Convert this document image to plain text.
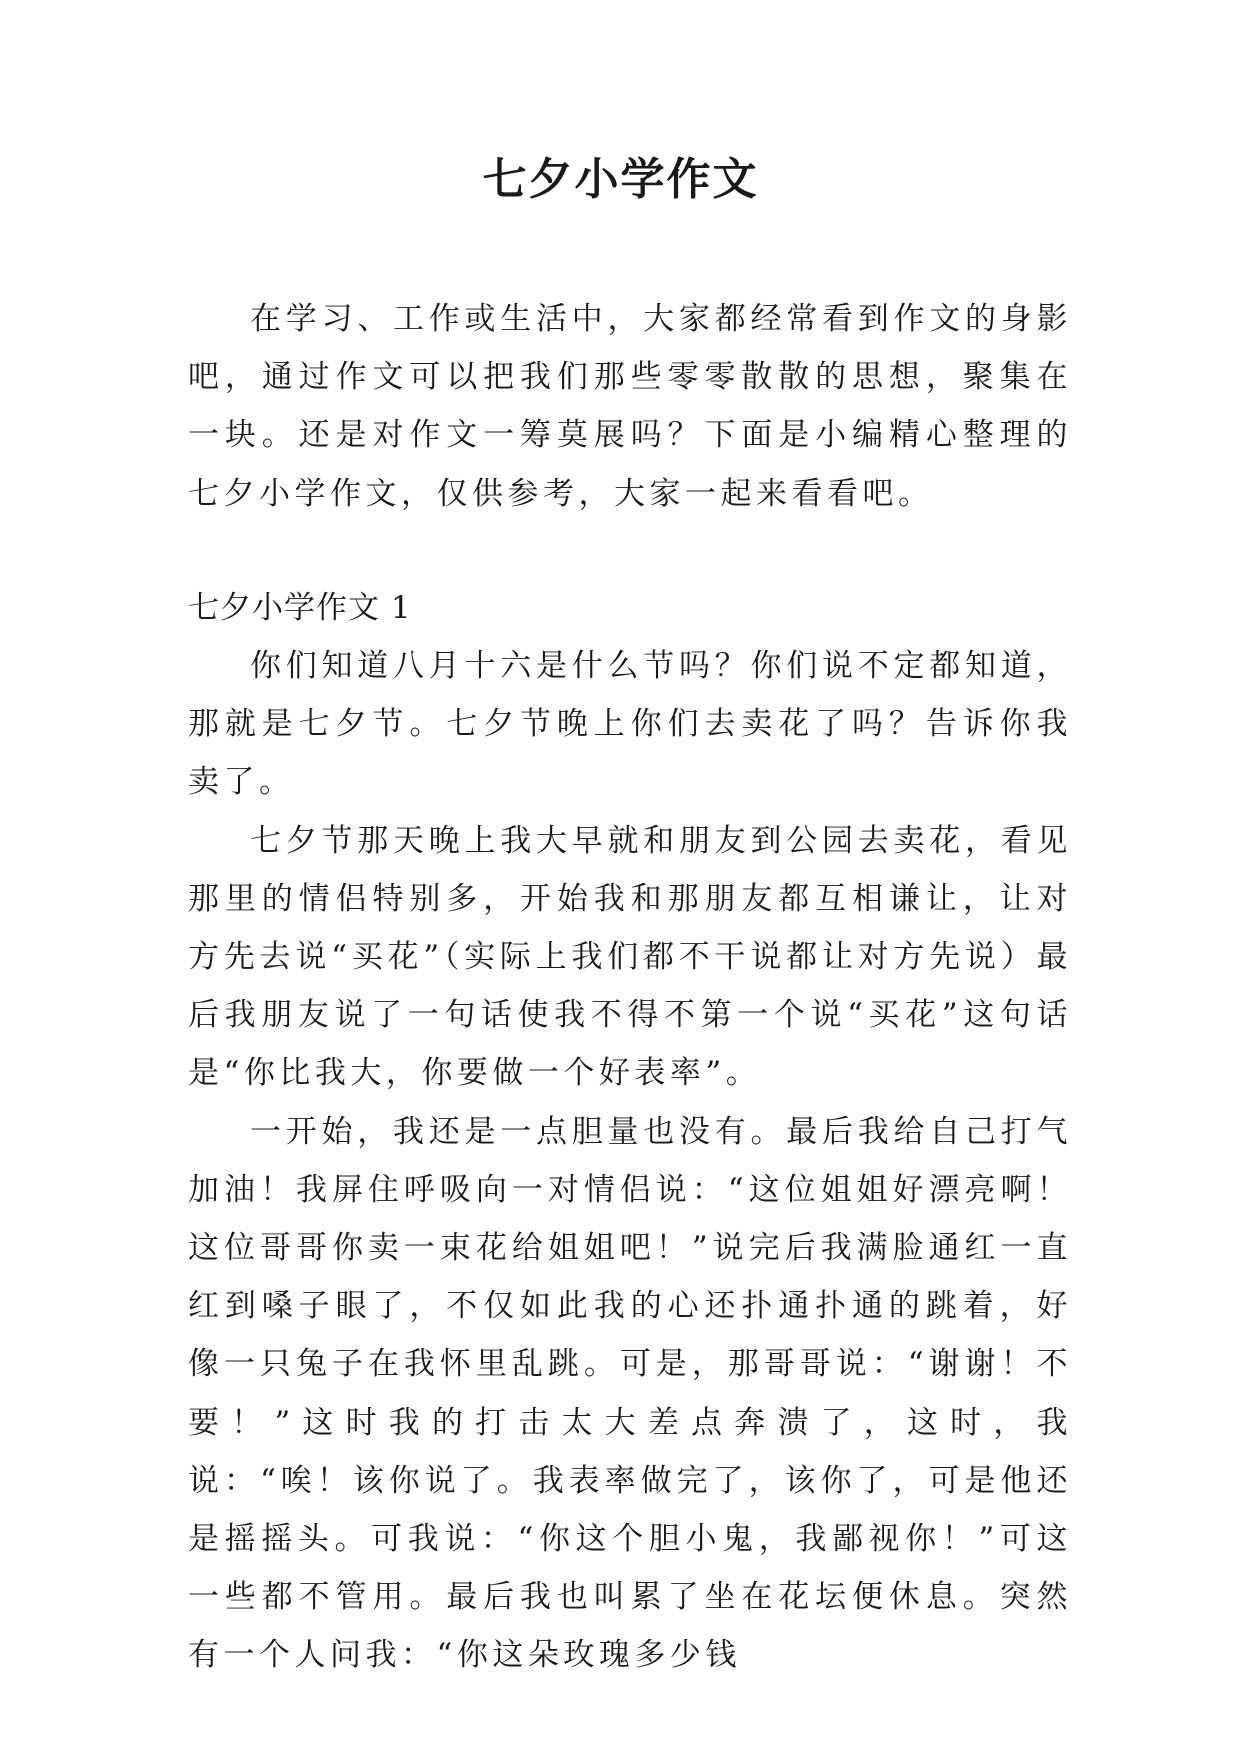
七夕小学作文

在学习、工作或生活中，大家都经常看到作文的身影吧，通过作文可以把我们那些零零散散的思想，聚集在一块。还是对作文一筹莫展吗？下面是小编精心整理的七夕小学作文，仅供参考，大家一起来看看吧。

七夕小学作文 1

你们知道八月十六是什么节吗？你们说不定都知道，那就是七夕节。七夕节晚上你们去卖花了吗？告诉你我卖了。

七夕节那天晚上我大早就和朋友到公园去卖花，看见那里的情侣特别多，开始我和那朋友都互相谦让，让对方先去说“买花”（实际上我们都不干说都让对方先说）最后我朋友说了一句话使我不得不第一个说“买花”这句话是“你比我大，你要做一个好表率”。

一开始，我还是一点胆量也没有。最后我给自己打气加油！我屏住呼吸向一对情侣说：“这位姐姐好漂亮啊！这位哥哥你卖一束花给姐姐吧！”说完后我满脸通红一直红到嗓子眼了，不仅如此我的心还扑通扑通的跳着，好像一只兔子在我怀里乱跳。可是，那哥哥说：“谢谢！不要！”这时我的打击太大差点奔溃了，这时，我说：“唉！该你说了。我表率做完了，该你了，可是他还是摇摇头。可我说：“你这个胆小鬼，我鄙视你！”可这一些都不管用。最后我也叫累了坐在花坛便休息。突然有一个人问我：“你这朵玫瑰多少钱
